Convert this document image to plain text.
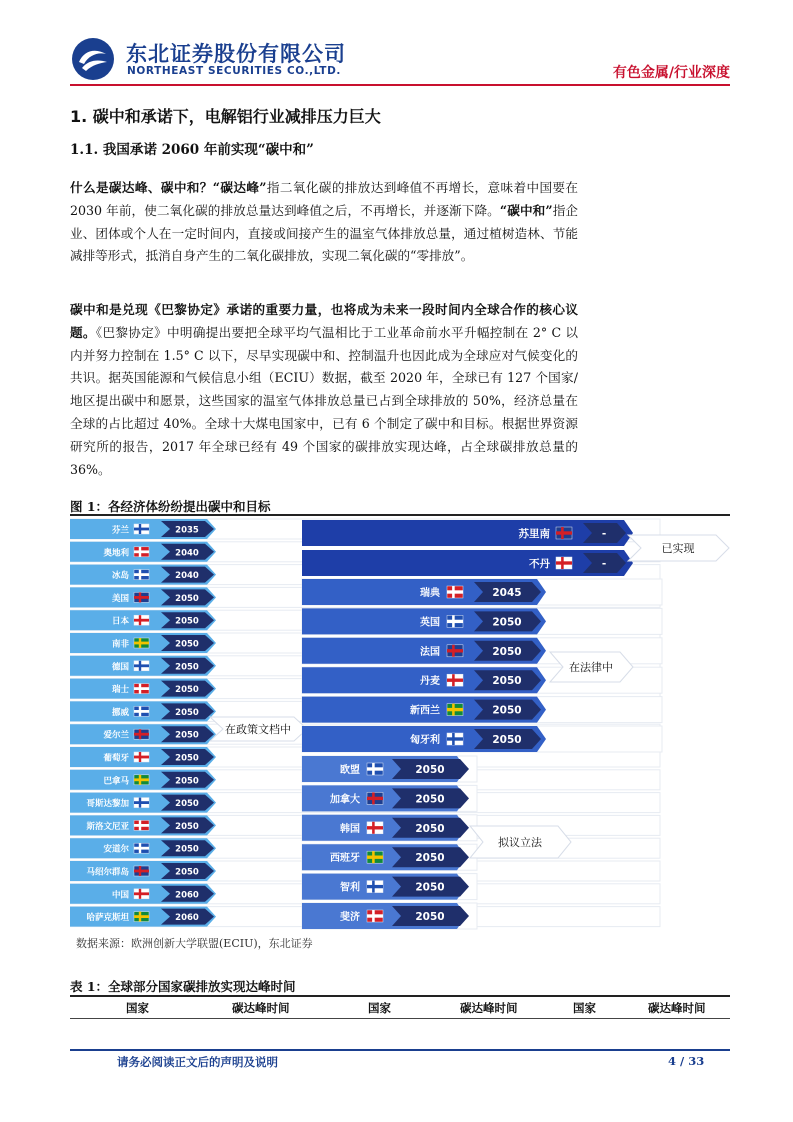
东北证券股份有限公司
NORTHEAST SECURITIES CO.,LTD.	有色金属/行业深度
1. 碳中和承诺下，电解铝行业减排压力巨大
1.1. 我国承诺 2060 年前实现“碳中和”
什么是碳达峰、碳中和？“碳达峰”指二氧化碳的排放达到峰值不再增长，意味着中国要在 2030 年前，使二氧化碳的排放总量达到峰值之后，不再增长，并逐渐下降。“碳中和”指企业、团体或个人在一定时间内，直接或间接产生的温室气体排放总量，通过植树造林、节能减排等形式，抵消自身产生的二氧化碳排放，实现二氧化碳的“零排放”。
碳中和是兑现《巴黎协定》承诺的重要力量，也将成为未来一段时间内全球合作的核心议题。《巴黎协定》中明确提出要把全球平均气温相比于工业革命前水平升幅控制在 2° C 以内并努力控制在 1.5° C 以下，尽早实现碳中和、控制温升也因此成为全球应对气候变化的共识。据英国能源和气候信息小组（ECIU）数据，截至 2020 年，全球已有 127 个国家/地区提出碳中和愿景，这些国家的温室气体排放总量已占到全球排放的 50%，经济总量在全球的占比超过 40%。全球十大煤电国家中，已有 6 个制定了碳中和目标。根据世界资源研究所的报告，2017 年全球已经有 49 个国家的碳排放实现达峰，占全球碳排放总量的 36%。
图 1：各经济体纷纷提出碳中和目标
芬兰	2035
奥地利	2040
冰岛	2040
美国	2050
日本	2050
南非	2050
德国	2050
瑞士	2050
挪威	2050
爱尔兰	2050
葡萄牙	2050
巴拿马	2050
哥斯达黎加	2050
斯洛文尼亚	2050
安道尔	2050
马绍尔群岛	2050
中国	2060
哈萨克斯坦	2060
在政策文档中
苏里南	-
不丹	-
已实现
瑞典	2045
英国	2050
法国	2050
丹麦	2050
新西兰	2050
匈牙利	2050
在法律中
欧盟	2050
加拿大	2050
韩国	2050
西班牙	2050
智利	2050
斐济	2050
拟议立法
数据来源：欧洲创新大学联盟(ECIU)，东北证券
表 1：全球部分国家碳排放实现达峰时间
国家	碳达峰时间	国家	碳达峰时间	国家	碳达峰时间
请务必阅读正文后的声明及说明	4 / 33
